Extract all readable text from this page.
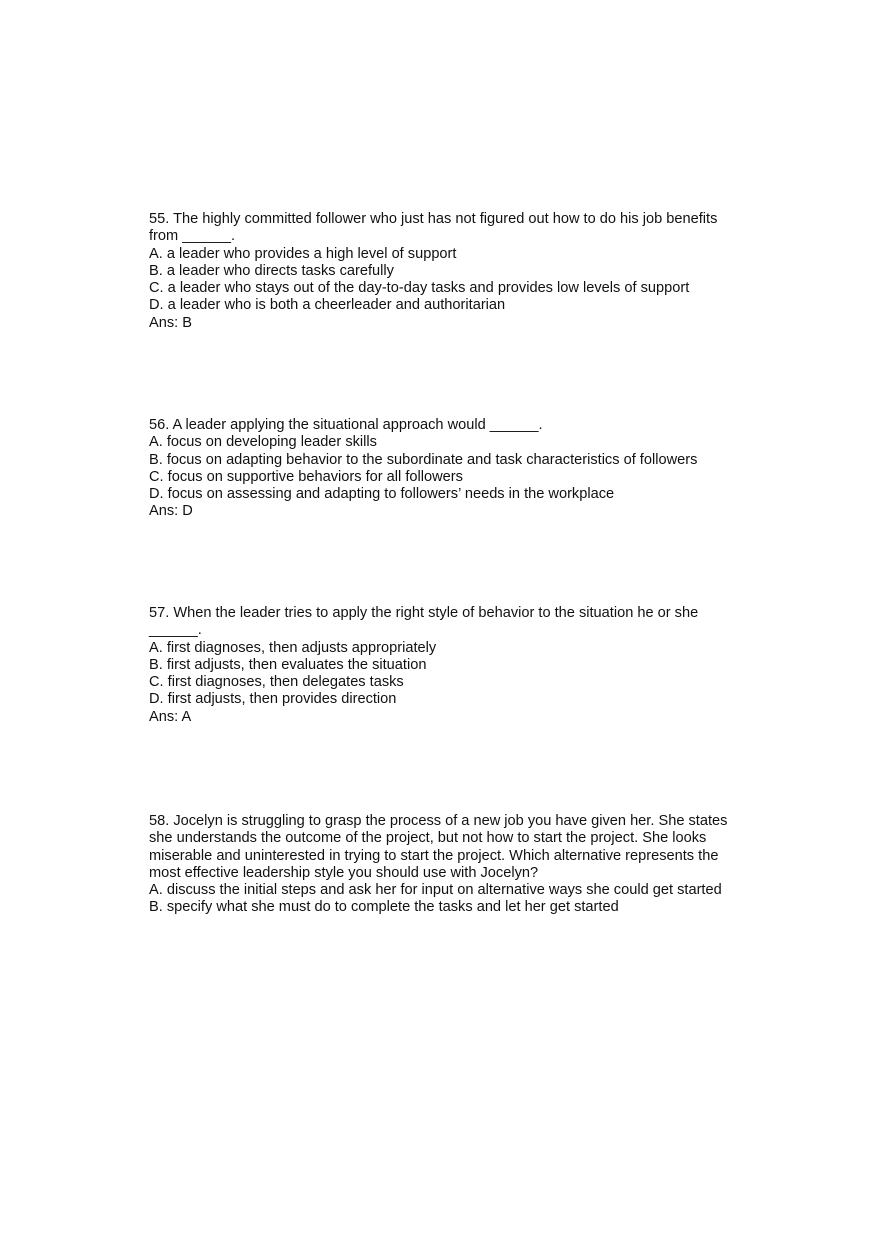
55. The highly committed follower who just has not figured out how to do his job benefits from ______.
A. a leader who provides a high level of support
B. a leader who directs tasks carefully
C. a leader who stays out of the day-to-day tasks and provides low levels of support
D. a leader who is both a cheerleader and authoritarian
Ans: B
56. A leader applying the situational approach would ______.
A. focus on developing leader skills
B. focus on adapting behavior to the subordinate and task characteristics of followers
C. focus on supportive behaviors for all followers
D. focus on assessing and adapting to followers’ needs in the workplace
Ans: D
57. When the leader tries to apply the right style of behavior to the situation he or she ______.
A. first diagnoses, then adjusts appropriately
B. first adjusts, then evaluates the situation
C. first diagnoses, then delegates tasks
D. first adjusts, then provides direction
Ans: A
58. Jocelyn is struggling to grasp the process of a new job you have given her. She states she understands the outcome of the project, but not how to start the project. She looks miserable and uninterested in trying to start the project. Which alternative represents the most effective leadership style you should use with Jocelyn?
A. discuss the initial steps and ask her for input on alternative ways she could get started
B. specify what she must do to complete the tasks and let her get started
